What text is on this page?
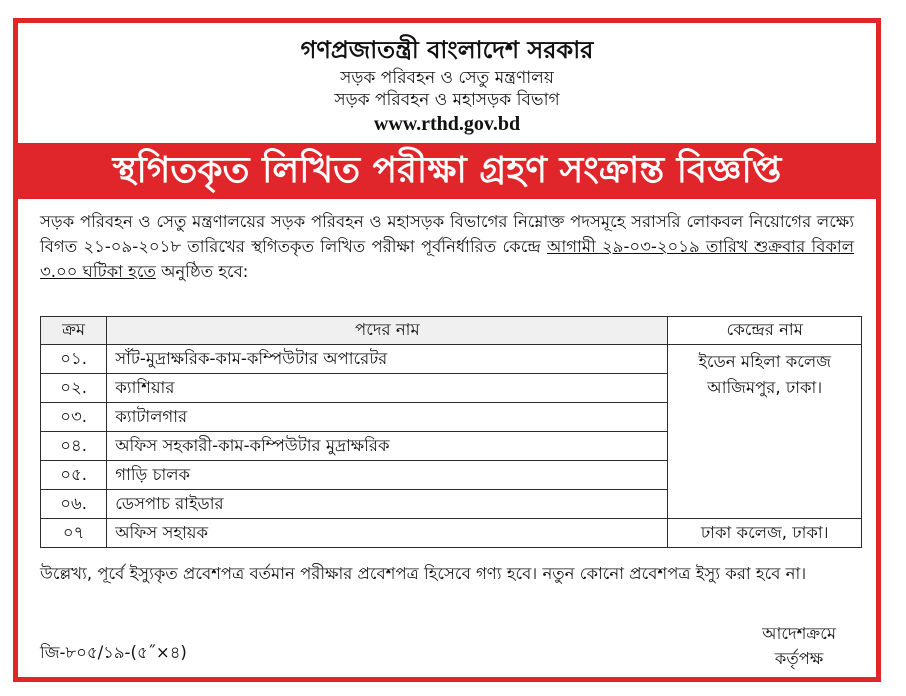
গণপ্রজাতন্ত্রী বাংলাদেশ সরকার
সড়ক পরিবহন ও সেতু মন্ত্রণালয়
সড়ক পরিবহন ও মহাসড়ক বিভাগ
www.rthd.gov.bd
স্থগিতকৃত লিখিত পরীক্ষা গ্রহণ সংক্রান্ত বিজ্ঞপ্তি
সড়ক পরিবহন ও সেতু মন্ত্রণালয়ের সড়ক পরিবহন ও মহাসড়ক বিভাগের নিম্নোক্ত পদসমূহে সরাসরি লোকবল নিয়োগের লক্ষ্যে বিগত ২১-০৯-২০১৮ তারিখের স্থগিতকৃত লিখিত পরীক্ষা পূর্বনির্ধারিত কেন্দ্রে আগামী ২৯-০৩-২০১৯ তারিখ শুক্রবার বিকাল ৩.০০ ঘটিকা হতে অনুষ্ঠিত হবে:
ক্রম	পদের নাম	কেন্দ্রের নাম
০১.	সাঁট-মুদ্রাক্ষরিক-কাম-কম্পিউটার অপারেটর	ইডেন মহিলা কলেজ
আজিমপুর, ঢাকা।

০২.	ক্যাশিয়ার	
০৩.	ক্যাটালগার	
০৪.	অফিস সহকারী-কাম-কম্পিউটার মুদ্রাক্ষরিক	
০৫.	গাড়ি চালক	
০৬.	ডেসপাচ রাইডার	
০৭	অফিস সহায়ক	ঢাকা কলেজ, ঢাকা।
উল্লেখ্য, পূর্বে ইস্যুকৃত প্রবেশপত্র বর্তমান পরীক্ষার প্রবেশপত্র হিসেবে গণ্য হবে। নতুন কোনো প্রবেশপত্র ইস্যু করা হবে না।
জি-৮০৫/১৯-(৫˝×৪)
আদেশক্রমে
কর্তৃপক্ষ
